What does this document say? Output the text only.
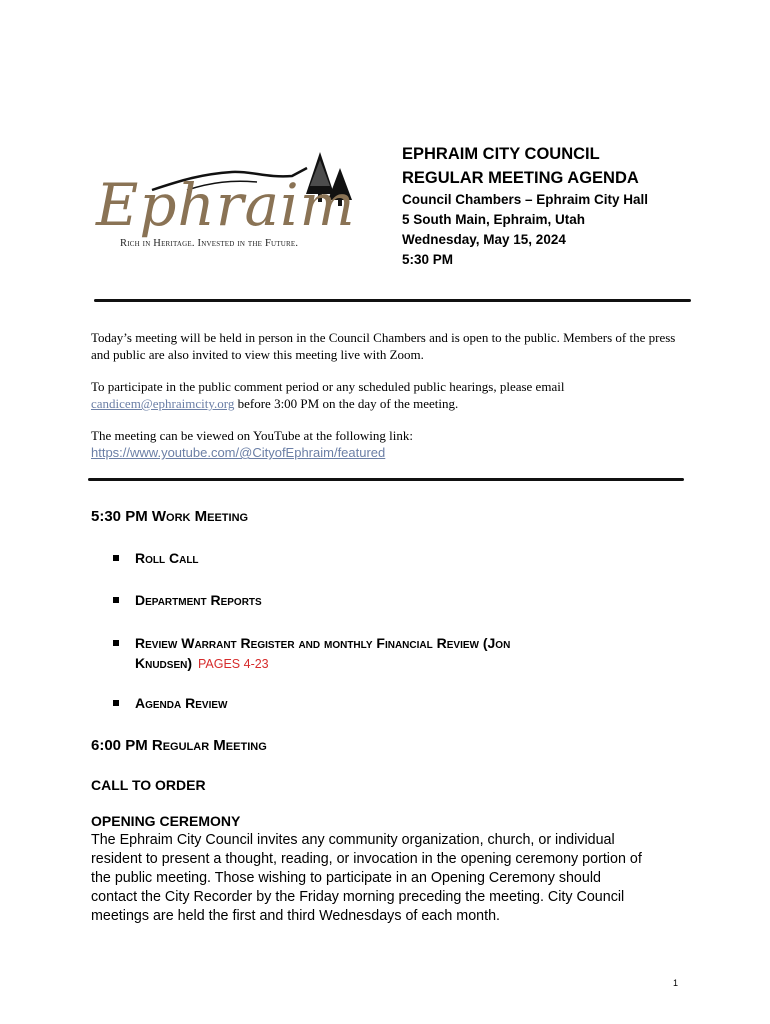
Ephraim
Rich in Heritage. Invested in the Future.
EPHRAIM CITY COUNCIL
REGULAR MEETING AGENDA
Council Chambers – Ephraim City Hall
5 South Main, Ephraim, Utah
Wednesday, May 15, 2024
5:30 PM
Today’s meeting will be held in person in the Council Chambers and is open to the public. Members of the press and public are also invited to view this meeting live with Zoom.
To participate in the public comment period or any scheduled public hearings, please email
candicem@ephraimcity.org before 3:00 PM on the day of the meeting.
The meeting can be viewed on YouTube at the following link:
https://www.youtube.com/@CityofEphraim/featured
5:30 PM Work Meeting
Roll Call
Department Reports
Review Warrant Register and monthly Financial Review (Jon
Knudsen) PAGES 4-23
Agenda Review
6:00 PM Regular Meeting
CALL TO ORDER
OPENING CEREMONY
The Ephraim City Council invites any community organization, church, or individual
resident to present a thought, reading, or invocation in the opening ceremony portion of
the public meeting. Those wishing to participate in an Opening Ceremony should
contact the City Recorder by the Friday morning preceding the meeting. City Council
meetings are held the first and third Wednesdays of each month.
1
